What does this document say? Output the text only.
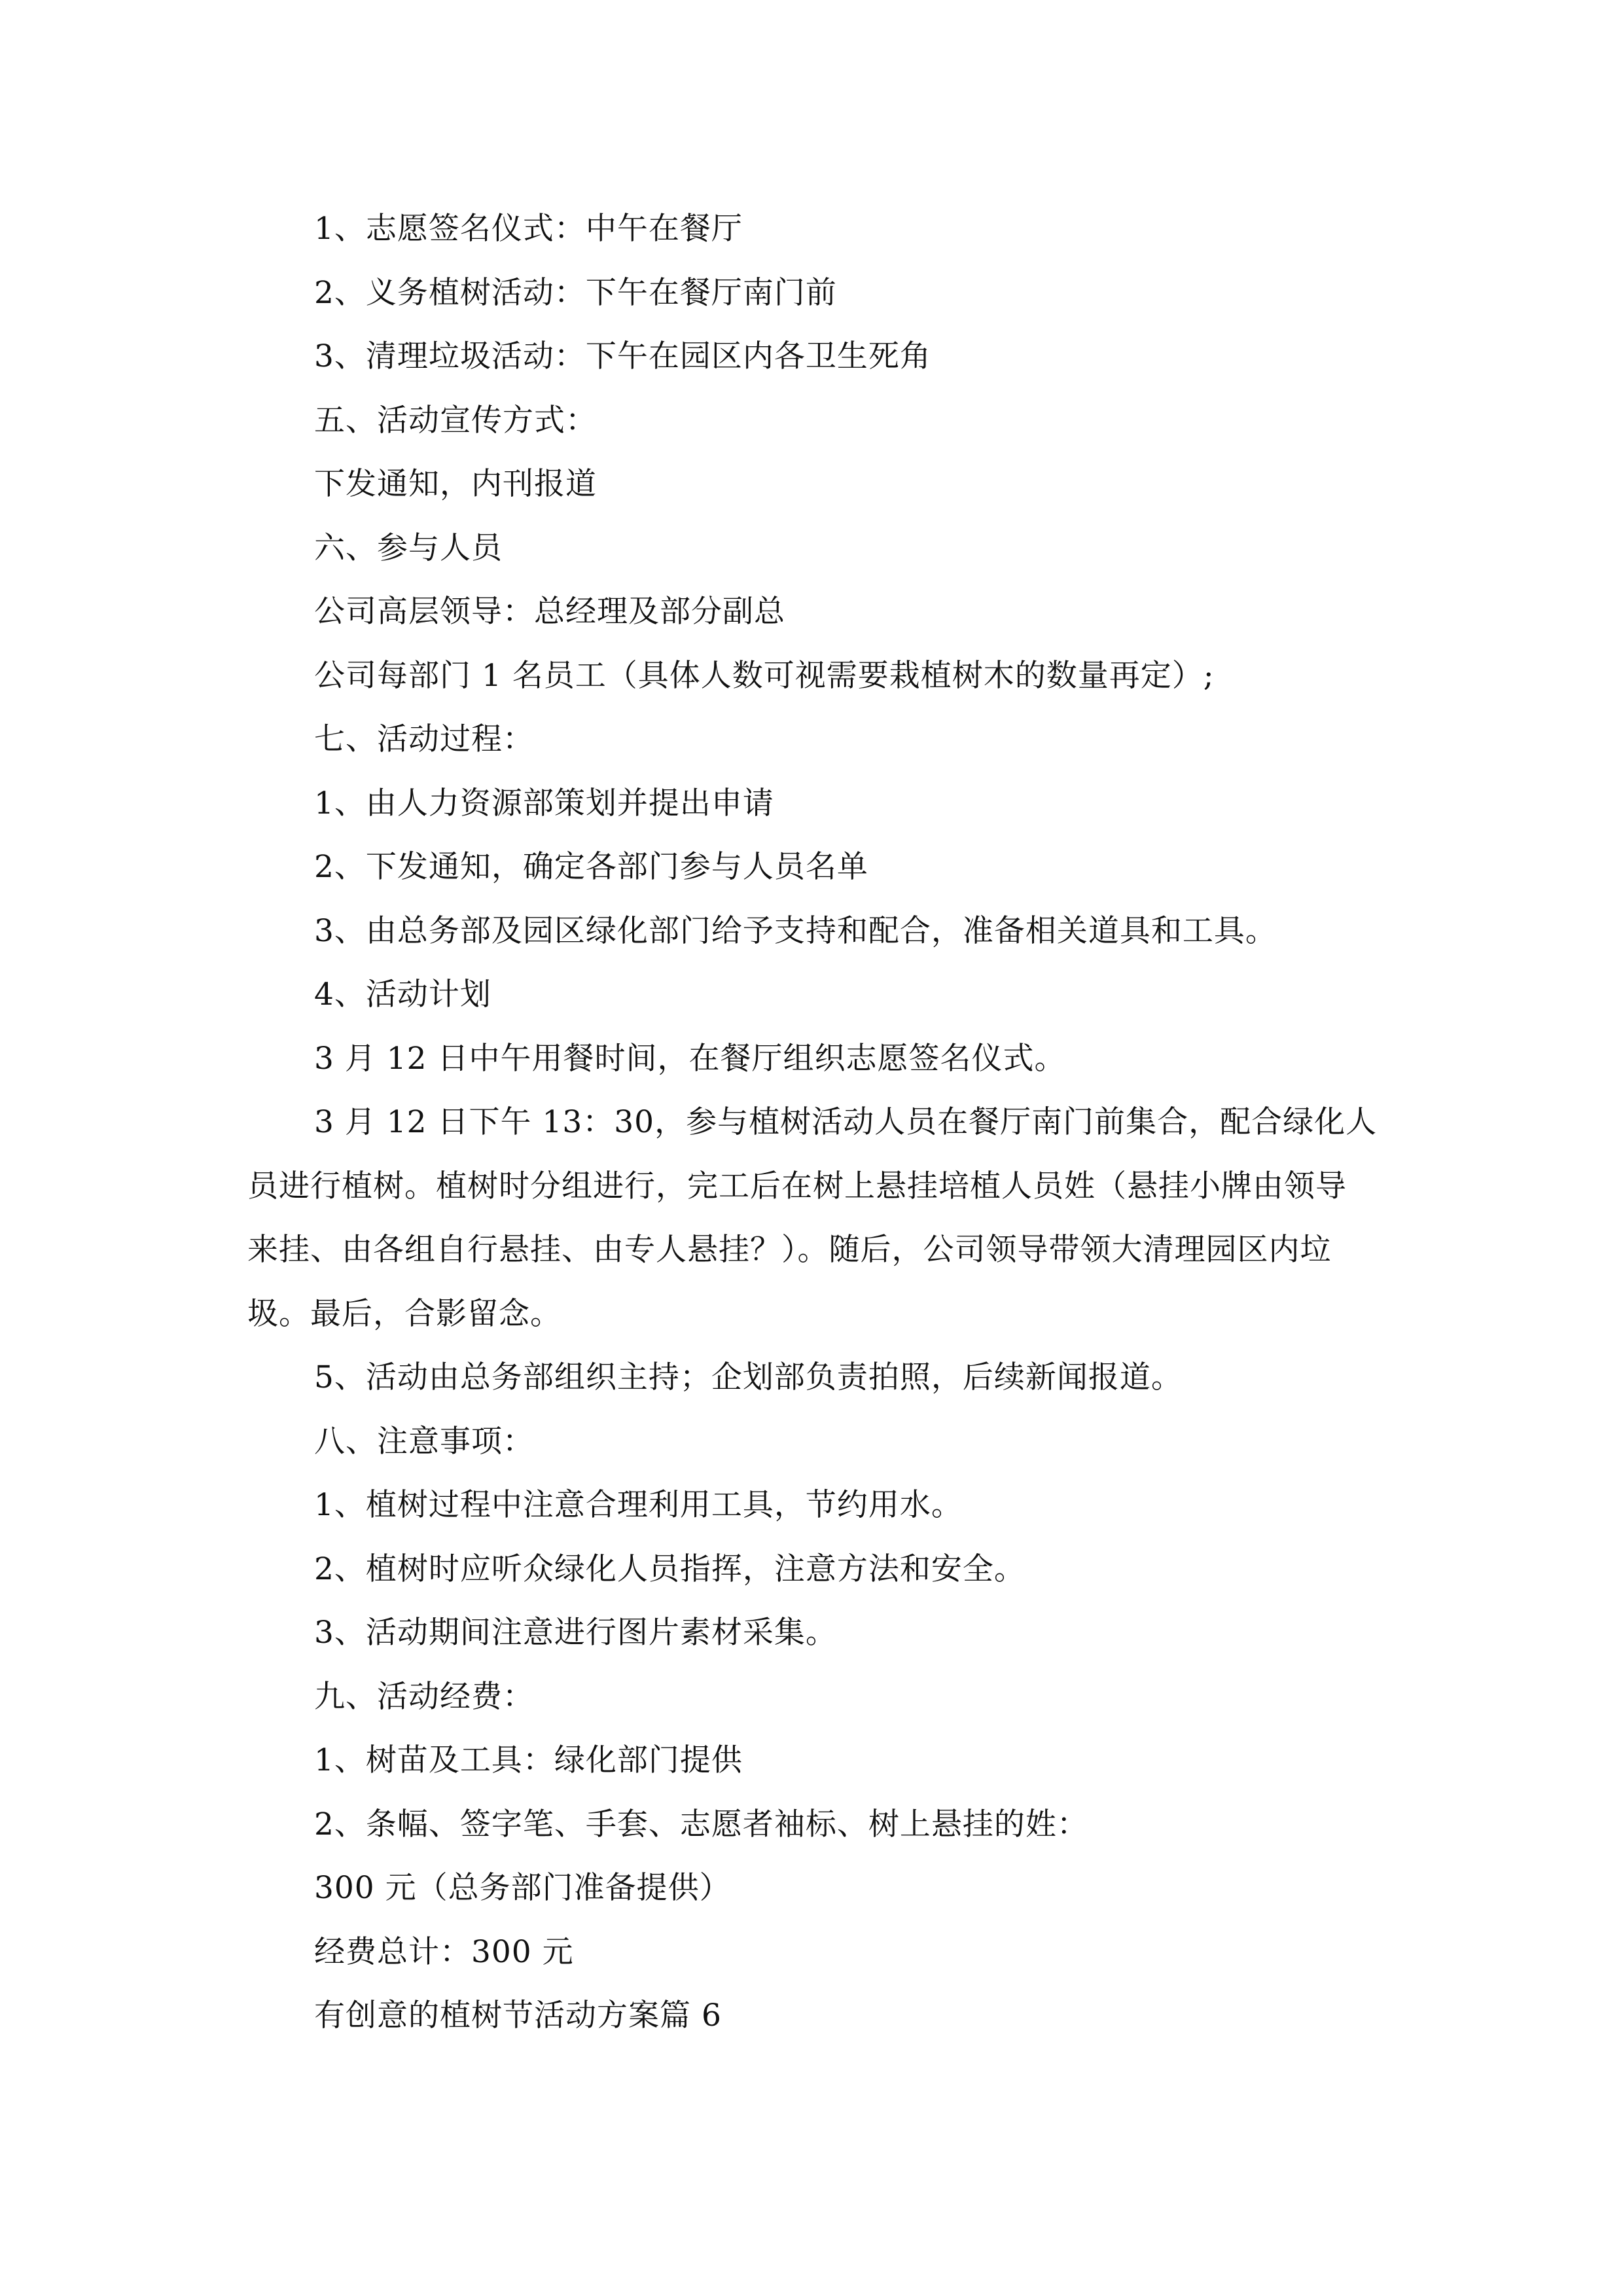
1、志愿签名仪式：中午在餐厅
2、义务植树活动：下午在餐厅南门前
3、清理垃圾活动：下午在园区内各卫生死角
五、活动宣传方式：
下发通知，内刊报道
六、参与人员
公司高层领导：总经理及部分副总
公司每部门 1 名员工（具体人数可视需要栽植树木的数量再定）;
七、活动过程：
1、由人力资源部策划并提出申请
2、下发通知，确定各部门参与人员名单
3、由总务部及园区绿化部门给予支持和配合，准备相关道具和工具。
4、活动计划
3 月 12 日中午用餐时间，在餐厅组织志愿签名仪式。
3 月 12 日下午 13：30，参与植树活动人员在餐厅南门前集合，配合绿化人
员进行植树。植树时分组进行，完工后在树上悬挂培植人员姓（悬挂小牌由领导
来挂、由各组自行悬挂、由专人悬挂？）。随后，公司领导带领大清理园区内垃
圾。最后，合影留念。
5、活动由总务部组织主持；企划部负责拍照，后续新闻报道。
八、注意事项：
1、植树过程中注意合理利用工具，节约用水。
2、植树时应听众绿化人员指挥，注意方法和安全。
3、活动期间注意进行图片素材采集。
九、活动经费：
1、树苗及工具：绿化部门提供
2、条幅、签字笔、手套、志愿者袖标、树上悬挂的姓：
300 元（总务部门准备提供）
经费总计：300 元
有创意的植树节活动方案篇 6
